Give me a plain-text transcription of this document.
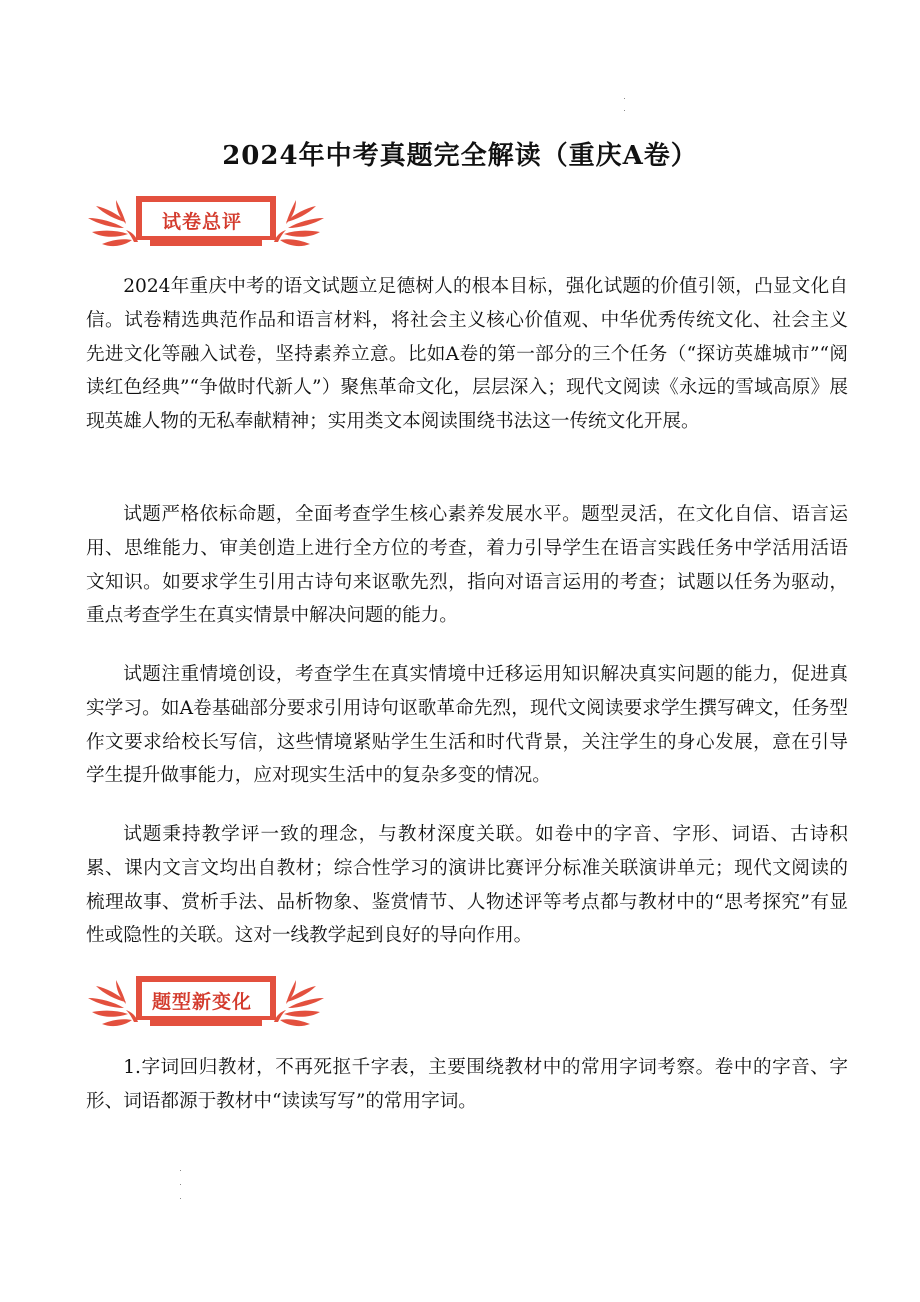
2024年中考真题完全解读（重庆A卷）
试卷总评

2024年重庆中考的语文试题立足德树人的根本目标，强化试题的价值引领，凸显文化自信。试卷精选典范作品和语言材料，将社会主义核心价值观、中华优秀传统文化、社会主义先进文化等融入试卷，坚持素养立意。比如A卷的第一部分的三个任务（“探访英雄城市”“阅读红色经典”“争做时代新人”）聚焦革命文化，层层深入；现代文阅读《永远的雪域高原》展现英雄人物的无私奉献精神；实用类文本阅读围绕书法这一传统文化开展。

试题严格依标命题，全面考查学生核心素养发展水平。题型灵活，在文化自信、语言运用、思维能力、审美创造上进行全方位的考查，着力引导学生在语言实践任务中学活用活语文知识。如要求学生引用古诗句来讴歌先烈，指向对语言运用的考查；试题以任务为驱动，重点考查学生在真实情景中解决问题的能力。

试题注重情境创设，考查学生在真实情境中迁移运用知识解决真实问题的能力，促进真实学习。如A卷基础部分要求引用诗句讴歌革命先烈，现代文阅读要求学生撰写碑文，任务型作文要求给校长写信，这些情境紧贴学生生活和时代背景，关注学生的身心发展，意在引导学生提升做事能力，应对现实生活中的复杂多变的情况。

试题秉持教学评一致的理念，与教材深度关联。如卷中的字音、字形、词语、古诗积累、课内文言文均出自教材；综合性学习的演讲比赛评分标准关联演讲单元；现代文阅读的梳理故事、赏析手法、品析物象、鉴赏情节、人物述评等考点都与教材中的“思考探究”有显性或隐性的关联。这对一线教学起到良好的导向作用。

题型新变化

1.字词回归教材，不再死抠千字表，主要围绕教材中的常用字词考察。卷中的字音、字形、词语都源于教材中“读读写写”的常用字词。
